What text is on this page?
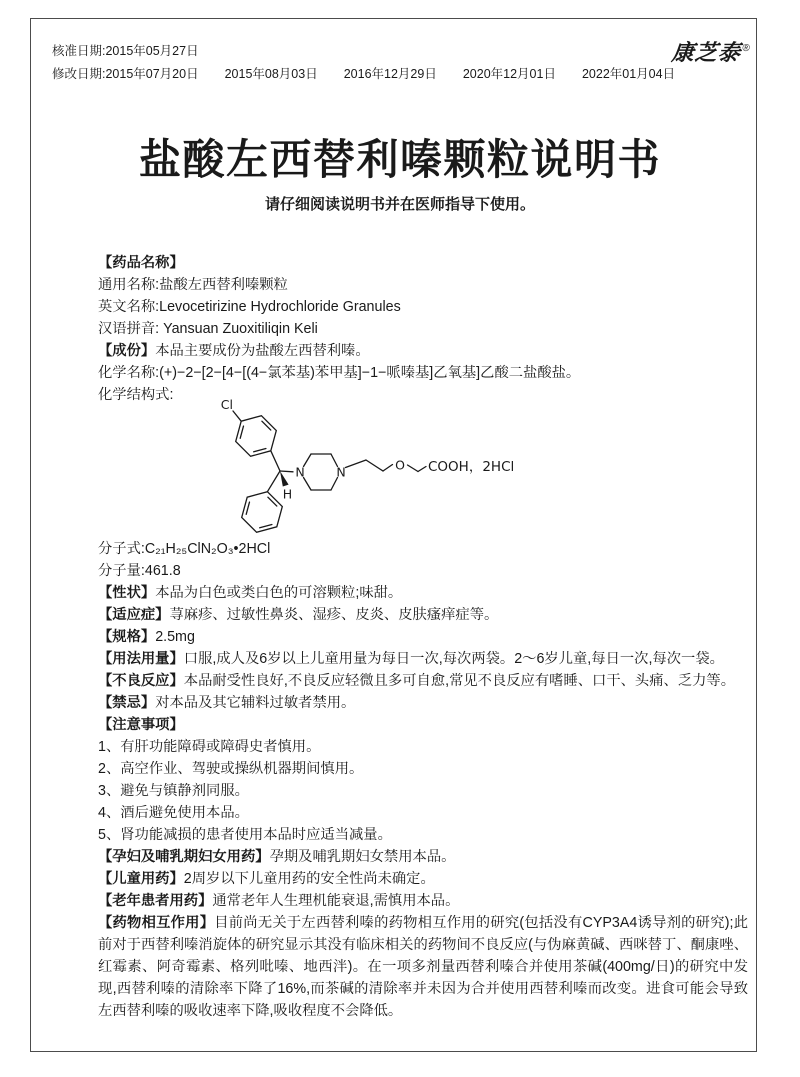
核准日期:2015年05月27日
修改日期:2015年07月20日 2015年08月03日 2016年12月29日 2020年12月01日 2022年01月04日
康芝泰®
盐酸左西替利嗪颗粒说明书
请仔细阅读说明书并在医师指导下使用。
【药品名称】
通用名称:盐酸左西替利嗪颗粒
英文名称:Levocetirizine Hydrochloride Granules
汉语拼音: Yansuan Zuoxitiliqin Keli
【成份】本品主要成份为盐酸左西替利嗪。
化学名称:(+)−2−[2−[4−[(4−氯苯基)苯甲基]−1−哌嗪基]乙氧基]乙酸二盐酸盐。
化学结构式:
Cl
H
N	N	O COOH，2HCl
分子式:C₂₁H₂₅ClN₂O₃•2HCl
分子量:461.8
【性状】本品为白色或类白色的可溶颗粒;味甜。
【适应症】荨麻疹、过敏性鼻炎、湿疹、皮炎、皮肤瘙痒症等。
【规格】2.5mg
【用法用量】口服,成人及6岁以上儿童用量为每日一次,每次两袋。2～6岁儿童,每日一次,每次一袋。
【不良反应】本品耐受性良好,不良反应轻微且多可自愈,常见不良反应有嗜睡、口干、头痛、乏力等。
【禁忌】对本品及其它辅料过敏者禁用。
【注意事项】
1、有肝功能障碍或障碍史者慎用。
2、高空作业、驾驶或操纵机器期间慎用。
3、避免与镇静剂同服。
4、酒后避免使用本品。
5、肾功能减损的患者使用本品时应适当减量。
【孕妇及哺乳期妇女用药】孕期及哺乳期妇女禁用本品。
【儿童用药】2周岁以下儿童用药的安全性尚未确定。
【老年患者用药】通常老年人生理机能衰退,需慎用本品。
【药物相互作用】目前尚无关于左西替利嗪的药物相互作用的研究(包括没有CYP3A4诱导剂的研究);此前对于西替利嗪消旋体的研究显示其没有临床相关的药物间不良反应(与伪麻黄碱、西咪替丁、酮康唑、红霉素、阿奇霉素、格列吡嗪、地西泮)。在一项多剂量西替利嗪合并使用茶碱(400mg/日)的研究中发现,西替利嗪的清除率下降了16%,而茶碱的清除率并未因为合并使用西替利嗪而改变。进食可能会导致左西替利嗪的吸收速率下降,吸收程度不会降低。
